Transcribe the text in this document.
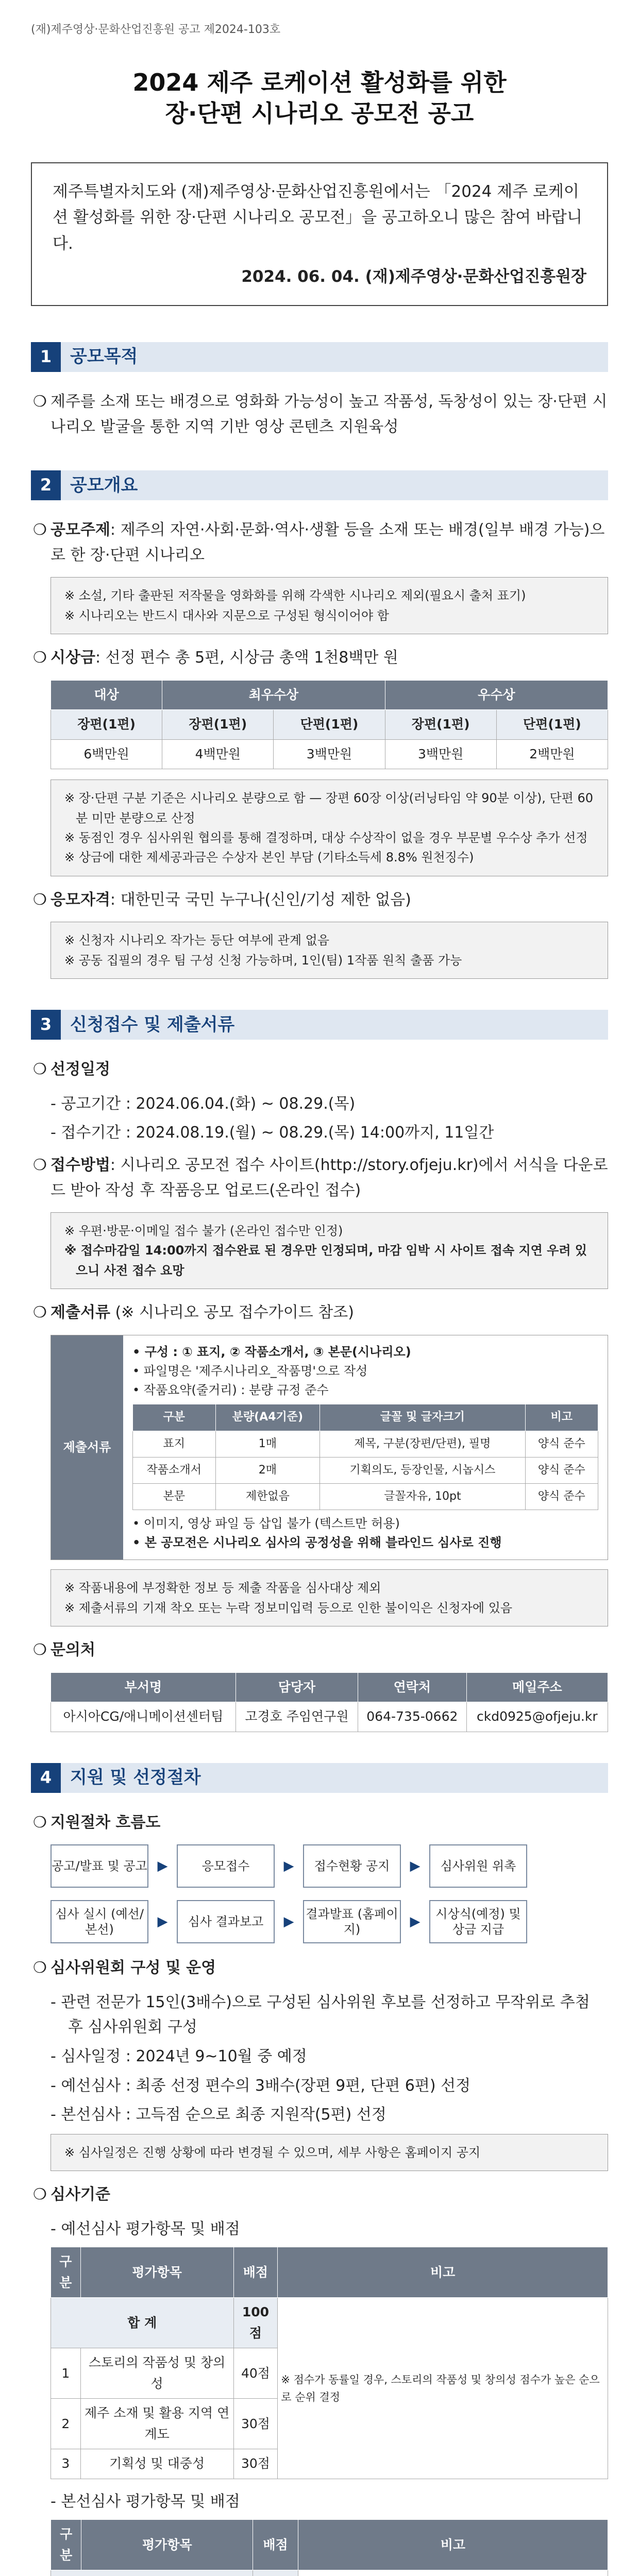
(재)제주영상·문화산업진흥원 공고 제2024-103호
2024 제주 로케이션 활성화를 위한
장·단편 시나리오 공모전 공고
제주특별자치도와 (재)제주영상·문화산업진흥원에서는 「2024 제주 로케이션 활성화를 위한 장·단편 시나리오 공모전」을 공고하오니 많은 참여 바랍니다.
2024. 06. 04. (재)제주영상·문화산업진흥원장
1	공모목적
❍ 제주를 소재 또는 배경으로 영화화 가능성이 높고 작품성, 독창성이 있는 장·단편 시나리오 발굴을 통한 지역 기반 영상 콘텐츠 지원육성
2	공모개요
❍ 공모주제: 제주의 자연·사회·문화·역사·생활 등을 소재 또는 배경(일부 배경 가능)으로 한 장·단편 시나리오
※ 소설, 기타 출판된 저작물을 영화화를 위해 각색한 시나리오 제외(필요시 출처 표기)
※ 시나리오는 반드시 대사와 지문으로 구성된 형식이어야 함
❍ 시상금: 선정 편수 총 5편, 시상금 총액 1천8백만 원
대상	최우수상		우수상	
장편(1편)	장편(1편)	단편(1편)	장편(1편)	단편(1편)
6백만원	4백만원	3백만원	3백만원	2백만원
※ 장·단편 구분 기준은 시나리오 분량으로 함 — 장편 60장 이상(러닝타임 약 90분 이상), 단편 60분 미만 분량으로 산정
※ 동점인 경우 심사위원 협의를 통해 결정하며, 대상 수상작이 없을 경우 부문별 우수상 추가 선정
※ 상금에 대한 제세공과금은 수상자 본인 부담 (기타소득세 8.8% 원천징수)
❍ 응모자격: 대한민국 국민 누구나(신인/기성 제한 없음)
※ 신청자 시나리오 작가는 등단 여부에 관계 없음
※ 공동 집필의 경우 팀 구성 신청 가능하며, 1인(팀) 1작품 원칙 출품 가능
3	신청접수 및 제출서류
❍ 선정일정
- 공고기간 : 2024.06.04.(화) ~ 08.29.(목)
- 접수기간 : 2024.08.19.(월) ~ 08.29.(목) 14:00까지, 11일간
❍ 접수방법: 시나리오 공모전 접수 사이트(http://story.ofjeju.kr)에서 서식을 다운로드 받아 작성 후 작품응모 업로드(온라인 접수)
※ 우편·방문·이메일 접수 불가 (온라인 접수만 인정)
※ 접수마감일 14:00까지 접수완료 된 경우만 인정되며, 마감 임박 시 사이트 접속 지연 우려 있으니 사전 접수 요망
❍ 제출서류 (※ 시나리오 공모 접수가이드 참조)
제출서류
• 구성 : ① 표지, ② 작품소개서, ③ 본문(시나리오)
• 파일명은 '제주시나리오_작품명'으로 작성
• 작품요약(줄거리) : 분량 규정 준수
구분	분량(A4기준)	글꼴 및 글자크기	비고
표지	1매	제목, 구분(장편/단편), 필명	양식 준수
작품소개서	2매	기획의도, 등장인물, 시놉시스	양식 준수
본문	제한없음	글꼴자유, 10pt	양식 준수
• 이미지, 영상 파일 등 삽입 불가 (텍스트만 허용)
• 본 공모전은 시나리오 심사의 공정성을 위해 블라인드 심사로 진행
※ 작품내용에 부정확한 정보 등 제출 작품을 심사대상 제외
※ 제출서류의 기재 착오 또는 누락 정보미입력 등으로 인한 불이익은 신청자에 있음
❍ 문의처
부서명	담당자	연락처	메일주소
아시아CG/애니메이션센터팀	고경호 주임연구원	064-735-0662	ckd0925@ofjeju.kr
4	지원 및 선정절차
❍ 지원절차 흐름도
공고/발표 및 공고 ▶	응모접수	▶	접수현황 공지	▶	심사위원 위촉
심사 실시 (예선/본선)
▶	심사 결과보고	▶ 결과발표 (홈페이지)
▶	시상식(예정) 및 상금 지급
❍ 심사위원회 구성 및 운영
- 관련 전문가 15인(3배수)으로 구성된 심사위원 후보를 선정하고 무작위로 추첨 후 심사위원회 구성
- 심사일정 : 2024년 9~10월 중 예정
- 예선심사 : 최종 선정 편수의 3배수(장편 9편, 단편 6편) 선정
- 본선심사 : 고득점 순으로 최종 지원작(5편) 선정
※ 심사일정은 진행 상황에 따라 변경될 수 있으며, 세부 사항은 홈페이지 공지
❍ 심사기준
- 예선심사 평가항목 및 배점
구분	평가항목	배점	비고
합 계		100점	※ 점수가 동률일 경우, 스토리의 작품성 및 창의성 점수가 높은 순으로 순위 결정
1	스토리의 작품성 및 창의성	40점	
2	제주 소재 및 활용 지역 연계도	30점	
3	기획성 및 대중성	30점	
- 본선심사 평가항목 및 배점
구분	평가항목	배점	비고
